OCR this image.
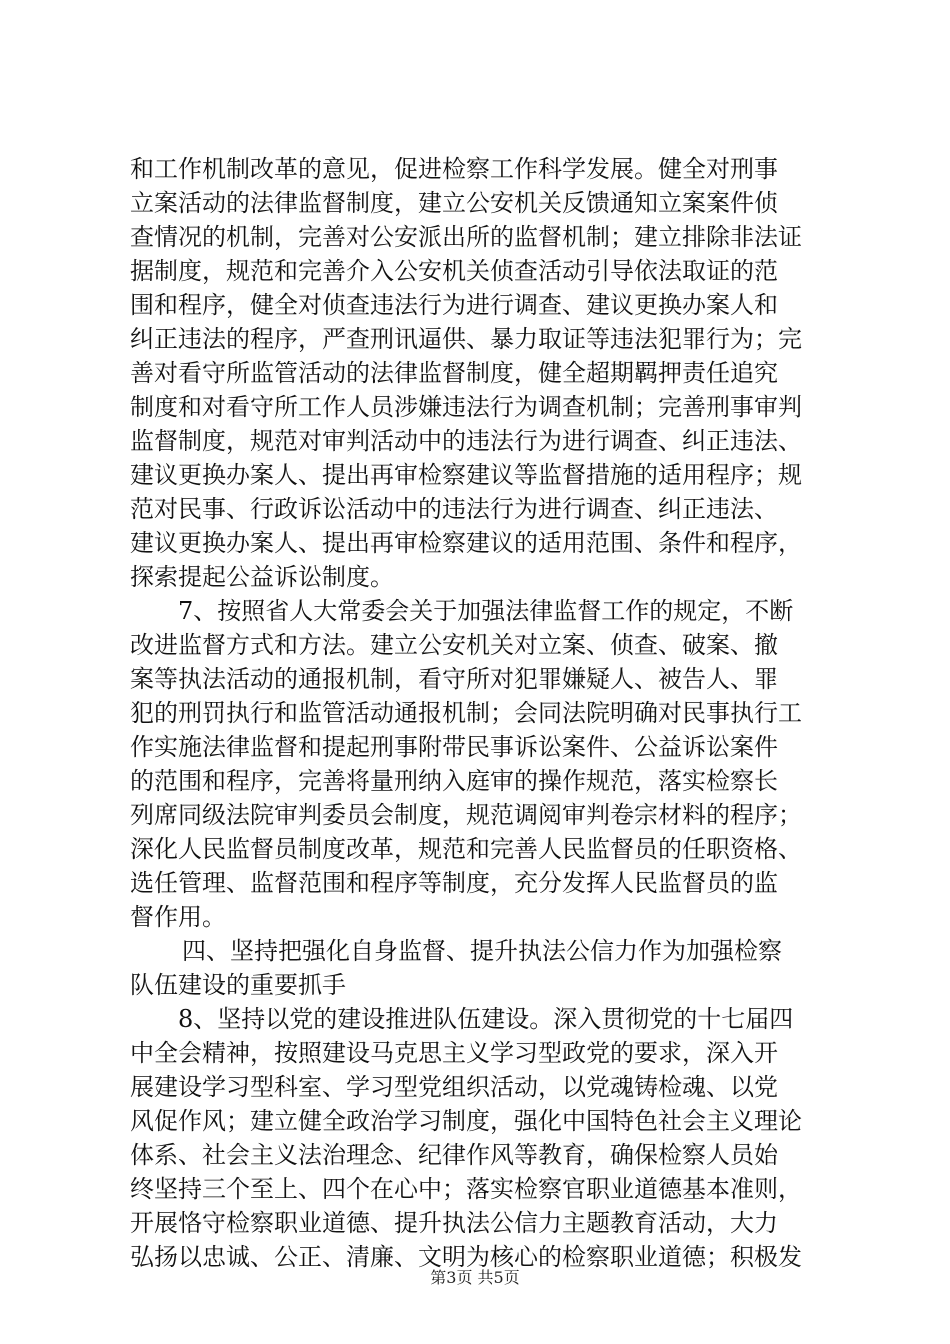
和工作机制改革的意见，促进检察工作科学发展。健全对刑事
立案活动的法律监督制度，建立公安机关反馈通知立案案件侦
查情况的机制，完善对公安派出所的监督机制；建立排除非法证
据制度，规范和完善介入公安机关侦查活动引导依法取证的范
围和程序，健全对侦查违法行为进行调查、建议更换办案人和
纠正违法的程序，严查刑讯逼供、暴力取证等违法犯罪行为；完
善对看守所监管活动的法律监督制度，健全超期羁押责任追究
制度和对看守所工作人员涉嫌违法行为调查机制；完善刑事审判
监督制度，规范对审判活动中的违法行为进行调查、纠正违法、
建议更换办案人、提出再审检察建议等监督措施的适用程序；规
范对民事、行政诉讼活动中的违法行为进行调查、纠正违法、
建议更换办案人、提出再审检察建议的适用范围、条件和程序，
探索提起公益诉讼制度。
7、按照省人大常委会关于加强法律监督工作的规定，不断
改进监督方式和方法。建立公安机关对立案、侦查、破案、撤
案等执法活动的通报机制，看守所对犯罪嫌疑人、被告人、罪
犯的刑罚执行和监管活动通报机制；会同法院明确对民事执行工
作实施法律监督和提起刑事附带民事诉讼案件、公益诉讼案件
的范围和程序，完善将量刑纳入庭审的操作规范，落实检察长
列席同级法院审判委员会制度，规范调阅审判卷宗材料的程序；
深化人民监督员制度改革，规范和完善人民监督员的任职资格、
选任管理、监督范围和程序等制度，充分发挥人民监督员的监
督作用。
四、坚持把强化自身监督、提升执法公信力作为加强检察
队伍建设的重要抓手
8、坚持以党的建设推进队伍建设。深入贯彻党的十七届四
中全会精神，按照建设马克思主义学习型政党的要求，深入开
展建设学习型科室、学习型党组织活动，以党魂铸检魂、以党
风促作风；建立健全政治学习制度，强化中国特色社会主义理论
体系、社会主义法治理念、纪律作风等教育，确保检察人员始
终坚持三个至上、四个在心中；落实检察官职业道德基本准则，
开展恪守检察职业道德、提升执法公信力主题教育活动，大力
弘扬以忠诚、公正、清廉、文明为核心的检察职业道德；积极发
第3页 共5页
